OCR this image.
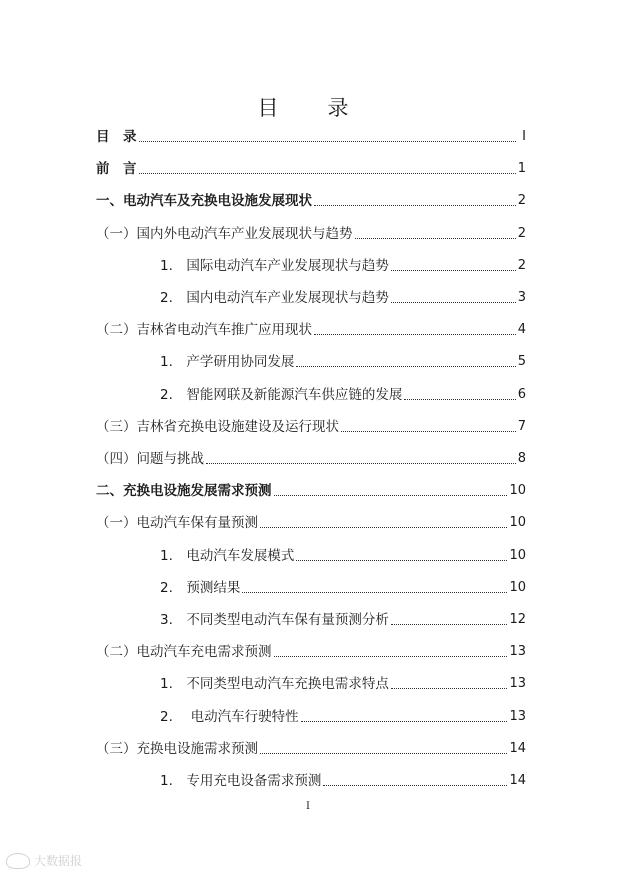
目　录
目　录	I
前　言	1
一、电动汽车及充换电设施发展现状	2
（一）国内外电动汽车产业发展现状与趋势	2
1.　国际电动汽车产业发展现状与趋势	2
2.　国内电动汽车产业发展现状与趋势	3
（二）吉林省电动汽车推广应用现状	4
1.　产学研用协同发展	5
2.　智能网联及新能源汽车供应链的发展	6
（三）吉林省充换电设施建设及运行现状	7
（四）问题与挑战	8
二、充换电设施发展需求预测	10
（一）电动汽车保有量预测	10
1.　电动汽车发展模式	10
2.　预测结果	10
3.　不同类型电动汽车保有量预测分析	12
（二）电动汽车充电需求预测	13
1.　不同类型电动汽车充换电需求特点	13
2.　 电动汽车行驶特性	13
（三）充换电设施需求预测	14
1.　专用充电设备需求预测	14
I
大数据报
